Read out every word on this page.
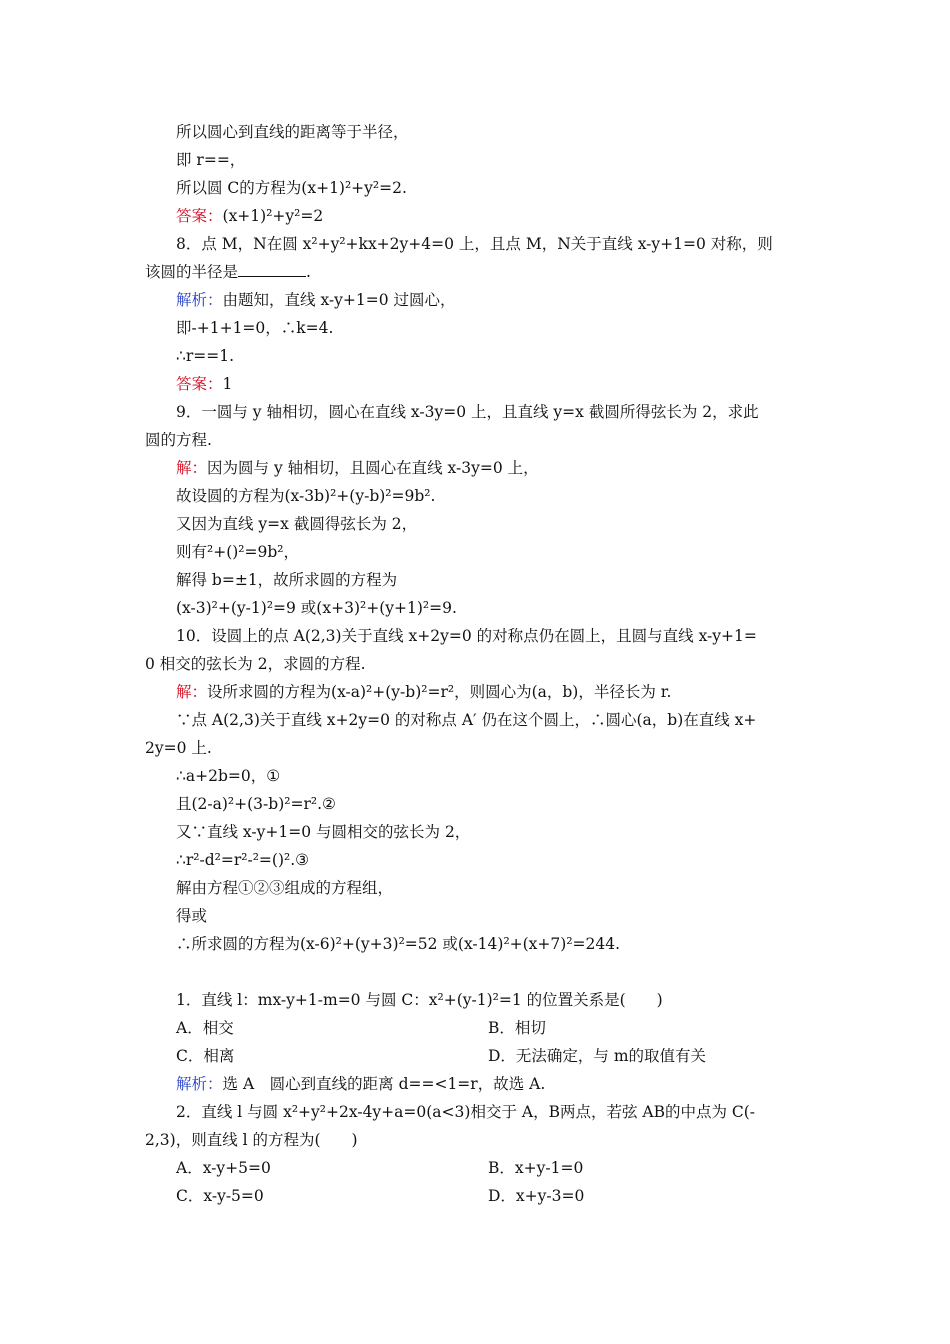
所以圆心到直线的距离等于半径，
即 r==，
所以圆 C的方程为(x+1)²+y²=2.
答案：(x+1)²+y²=2
8．点 M，N在圆 x²+y²+kx+2y+4=0 上，且点 M，N关于直线 x-y+1=0 对称，则
该圆的半径是	.
解析：由题知，直线 x-y+1=0 过圆心，
即-+1+1=0，∴k=4.
∴r==1.
答案：1
9．一圆与 y 轴相切，圆心在直线 x-3y=0 上，且直线 y=x 截圆所得弦长为 2，求此
圆的方程.
解：因为圆与 y 轴相切，且圆心在直线 x-3y=0 上，
故设圆的方程为(x-3b)²+(y-b)²=9b².
又因为直线 y=x 截圆得弦长为 2，
则有²+()²=9b²，
解得 b=±1，故所求圆的方程为
(x-3)²+(y-1)²=9 或(x+3)²+(y+1)²=9.
10．设圆上的点 A(2,3)关于直线 x+2y=0 的对称点仍在圆上，且圆与直线 x-y+1=
0 相交的弦长为 2，求圆的方程.
解：设所求圆的方程为(x-a)²+(y-b)²=r²，则圆心为(a，b)，半径长为 r.
∵点 A(2,3)关于直线 x+2y=0 的对称点 A′ 仍在这个圆上，∴圆心(a，b)在直线 x+
2y=0 上.
∴a+2b=0，①
且(2-a)²+(3-b)²=r².②
又∵直线 x-y+1=0 与圆相交的弦长为 2，
∴r²-d²=r²-²=()².③
解由方程①②③组成的方程组，
得或
∴所求圆的方程为(x-6)²+(y+3)²=52 或(x-14)²+(x+7)²=244.
1．直线 l：mx-y+1-m=0 与圆 C：x²+(y-1)²=1 的位置关系是(　　)
A．相交	B．相切
C．相离	D．无法确定，与 m的取值有关
解析：选 A　圆心到直线的距离 d==<1=r，故选 A.
2．直线 l 与圆 x²+y²+2x-4y+a=0(a<3)相交于 A，B两点，若弦 AB的中点为 C(-
2,3)，则直线 l 的方程为(　　)
A．x-y+5=0	B．x+y-1=0
C．x-y-5=0	D．x+y-3=0
